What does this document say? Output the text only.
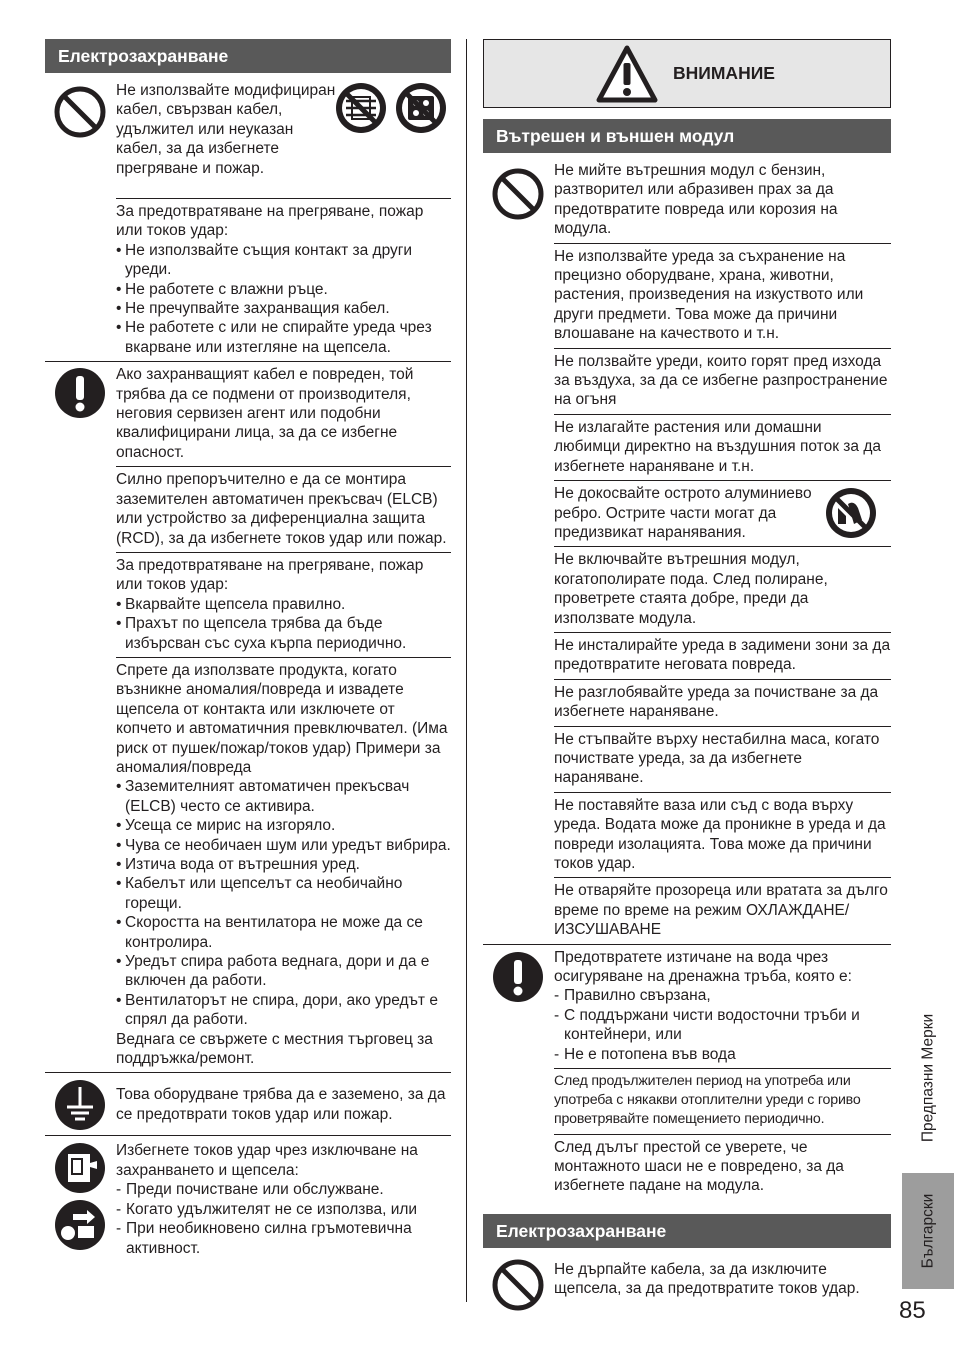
Електрозахранване

Не използвайте модифициран кабел, свързван кабел, удължител или неуказан кабел, за да избегнете прегряване и пожар.

За предотвратяване на прегряване, пожар или токов удар:

• Не използвайте същия контакт за други уреди.
• Не работете с влажни ръце.
• Не пречупвайте захранващия кабел.
• Не работете с или не спирайте уреда чрез вкарване или изтегляне на щепсела.

Ако захранващият кабел е повреден, той трябва да се подмени от производителя, неговия сервизен агент или подобни квалифицирани лица, за да се избегне опасност.

Силно препоръчително е да се монтира заземителен автоматичен прекъсвач (ELCB) или устройство за диференциална защита (RCD), за да избегнете токов удар или пожар.

За предотвратяване на прегряване, пожар или токов удар:

• Вкарвайте щепсела правилно.
• Прахът по щепсела трябва да бъде избърсван със суха кърпа периодично.

Спрете да използвате продукта, когато възникне аномалия/повреда и извадете щепсела от контакта или изключете от копчето и автоматичния превключвател. (Има риск от пушек/пожар/токов удар) Примери за аномалия/повреда

• Заземителният автоматичен прекъсвач (ELCB) често се активира.
• Усеща се мирис на изгоряло.
• Чува се необичаен шум или уредът вибрира.
• Изтича вода от вътрешния уред.
• Кабелът или щепселът са необичайно горещи.
• Скоростта на вентилатора не може да се контролира.
• Уредът спира работа веднага, дори и да е включен да работи.
• Вентилаторът не спира, дори, ако уредът е спрял да работи.

Веднага се свържете с местния търговец за поддръжка/ремонт.

Това оборудване трябва да е заземено, за да се предотврати токов удар или пожар.

Избегнете токов удар чрез изключване на захранването и щепсела:

- Преди почистване или обслужване.
- Когато удължителят не се използва, или
- При необикновено силна гръмотевична активност.
ВНИМАНИЕ
Вътрешен и външен модул

Не мийте вътрешния модул с бензин, разтворител или абразивен прах за да предотвратите повреда или корозия на модула.

Не използвайте уреда за съхранение на прецизно оборудване, храна, животни, растения, произведения на изкуството или други предмети. Това може да причини влошаване на качеството и т.н.

Не ползвайте уреди, които горят пред изхода за въздуха, за да се избегне разпространение на огъня

Не излагайте растения или домашни любимци директно на въздушния поток за да избегнете нараняване и т.н.

Не докосвайте острото алуминиево ребро. Острите части могат да предизвикат наранявания.

Не включвайте вътрешния модул, когатополирате пода. След полиране, проветрете стаята добре, преди да използвате модула.

Не инсталирайте уреда в задимени зони за да предотвратите неговата повреда.

Не разглобявайте уреда за почистване за да избегнете нараняване.

Не стъпвайте върху нестабилна маса, когато почиствате уреда, за да избегнете нараняване.

Не поставяйте ваза или съд с вода върху уреда. Водата може да проникне в уреда и да повреди изолацията. Това може да причини токов удар.

Не отваряйте прозореца или вратата за дълго време по време на режим ОХЛАЖДАНЕ/ИЗСУШАВАНЕ

Предотвратете изтичане на вода чрез осигуряване на дренажна тръба, която е:

- Правилно свързана,
- С поддържани чисти водосточни тръби и контейнери, или
- Не е потопена във вода

След продължителен период на употреба или употреба с някакви отоплителни уреди с гориво проветрявайте помещението периодично.

След дълъг престой се уверете, че монтажното шаси не е повредено, за да избегнете падане на модула.

Електрозахранване

Не дърпайте кабела, за да изключите щепсела, за да предотвратите токов удар.

Предпазни Мерки
Български
85
